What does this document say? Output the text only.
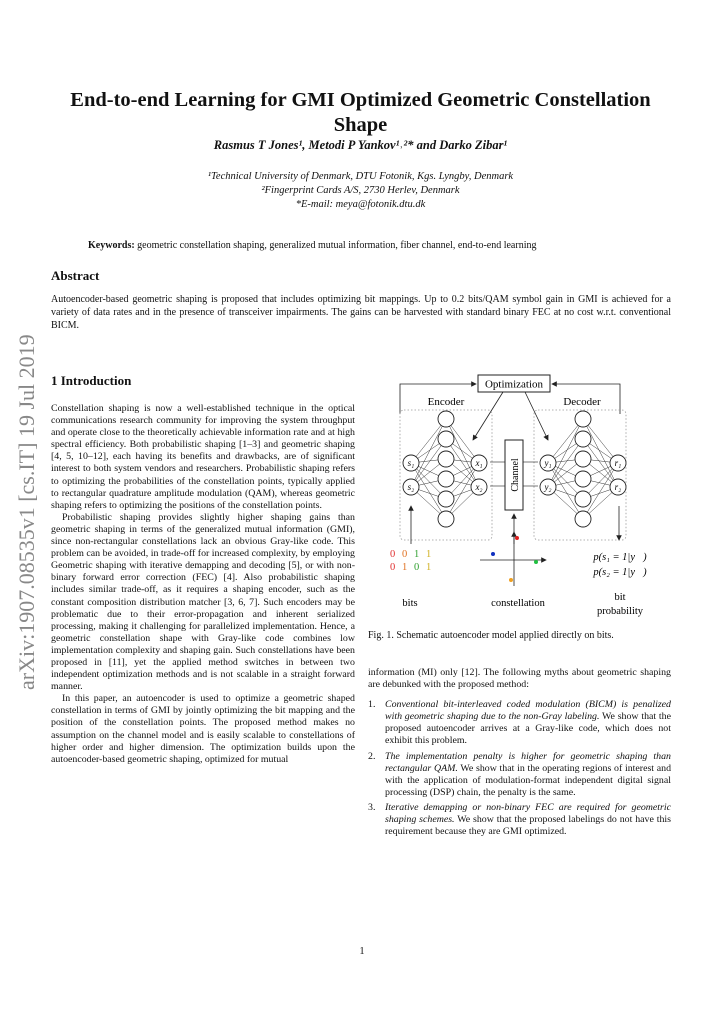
arXiv:1907.08535v1 [cs.IT] 19 Jul 2019
End-to-end Learning for GMI Optimized Geometric Constellation Shape
Rasmus T Jones¹, Metodi P Yankov¹˒²* and Darko Zibar¹
¹Technical University of Denmark, DTU Fotonik, Kgs. Lyngby, Denmark
²Fingerprint Cards A/S, 2730 Herlev, Denmark
*E-mail: meya@fotonik.dtu.dk
Keywords: geometric constellation shaping, generalized mutual information, fiber channel, end-to-end learning
Abstract
Autoencoder-based geometric shaping is proposed that includes optimizing bit mappings. Up to 0.2 bits/QAM symbol gain in GMI is achieved for a variety of data rates and in the presence of transceiver impairments. The gains can be harvested with standard binary FEC at no cost w.r.t. conventional BICM.
1 Introduction

Constellation shaping is now a well-established technique in the optical communications research community for improving the system throughput and operate close to the theoretically achievable information rate and at high spectral efficiency. Both probabilistic shaping [1–3] and geometric shaping [4, 5, 10–12], each having its benefits and drawbacks, are of significant interest to both system vendors and researchers. Probabilistic shaping refers to optimizing the probabilities of the constellation points, typically applied to rectangular quadrature amplitude modulation (QAM), whereas geometric shaping refers to optimizing the positions of the constellation points.

Probabilistic shaping provides slightly higher shaping gains than geometric shaping in terms of the generalized mutual information (GMI), since non-rectangular constellations lack an obvious Gray-like code. This problem can be avoided, in trade-off for increased complexity, by employing Geometric shaping with iterative demapping and decoding [5], or with non-binary forward error correction (FEC) [4]. Also probabilistic shaping includes similar trade-off, as it requires a shaping encoder, such as the constant composition distribution matcher [3, 6, 7]. Such encoders may be problematic due to their error-propagation and inherent serialized processing, making it challenging for parallelized implementation. Hence, a geometric constellation shape with Gray-like code combines low implementation complexity and shaping gain. Such constellations have been proposed in [11], yet the applied method switches in between two independent optimization methods and is not scalable in a straight forward manner.

In this paper, an autoencoder is used to optimize a geometric shaped constellation in terms of GMI by jointly optimizing the bit mapping and the position of the constellation points. The proposed method makes no assumption on the channel model and is easily scalable to constellations of higher order and higher dimension. The optimization builds upon the autoencoder-based geometric shaping, optimized for mutual

Optimization
Encoder	Decoder
s₁
s₂
x₁
x₂
y₁
y₂
r₁
r₂
Channel
0 0 1 1
0 1 0 1
p(s₁ = 1|y⃗)
p(s₂ = 1|y⃗)
bits	constellation
bit
probability
Fig. 1. Schematic autoencoder model applied directly on bits.

information (MI) only [12]. The following myths about geometric shaping are debunked with the proposed method:

1. Conventional bit-interleaved coded modulation (BICM) is penalized with geometric shaping due to the non-Gray labeling. We show that the proposed autoencoder arrives at a Gray-like code, which does not exhibit this problem.
2. The implementation penalty is higher for geometric shaping than rectangular QAM. We show that in the operating regions of interest and with the application of modulation-format independent digital signal processing (DSP) chain, the penalty is the same.
3. Iterative demapping or non-binary FEC are required for geometric shaping schemes. We show that the proposed labelings do not have this requirement because they are GMI optimized.
1
